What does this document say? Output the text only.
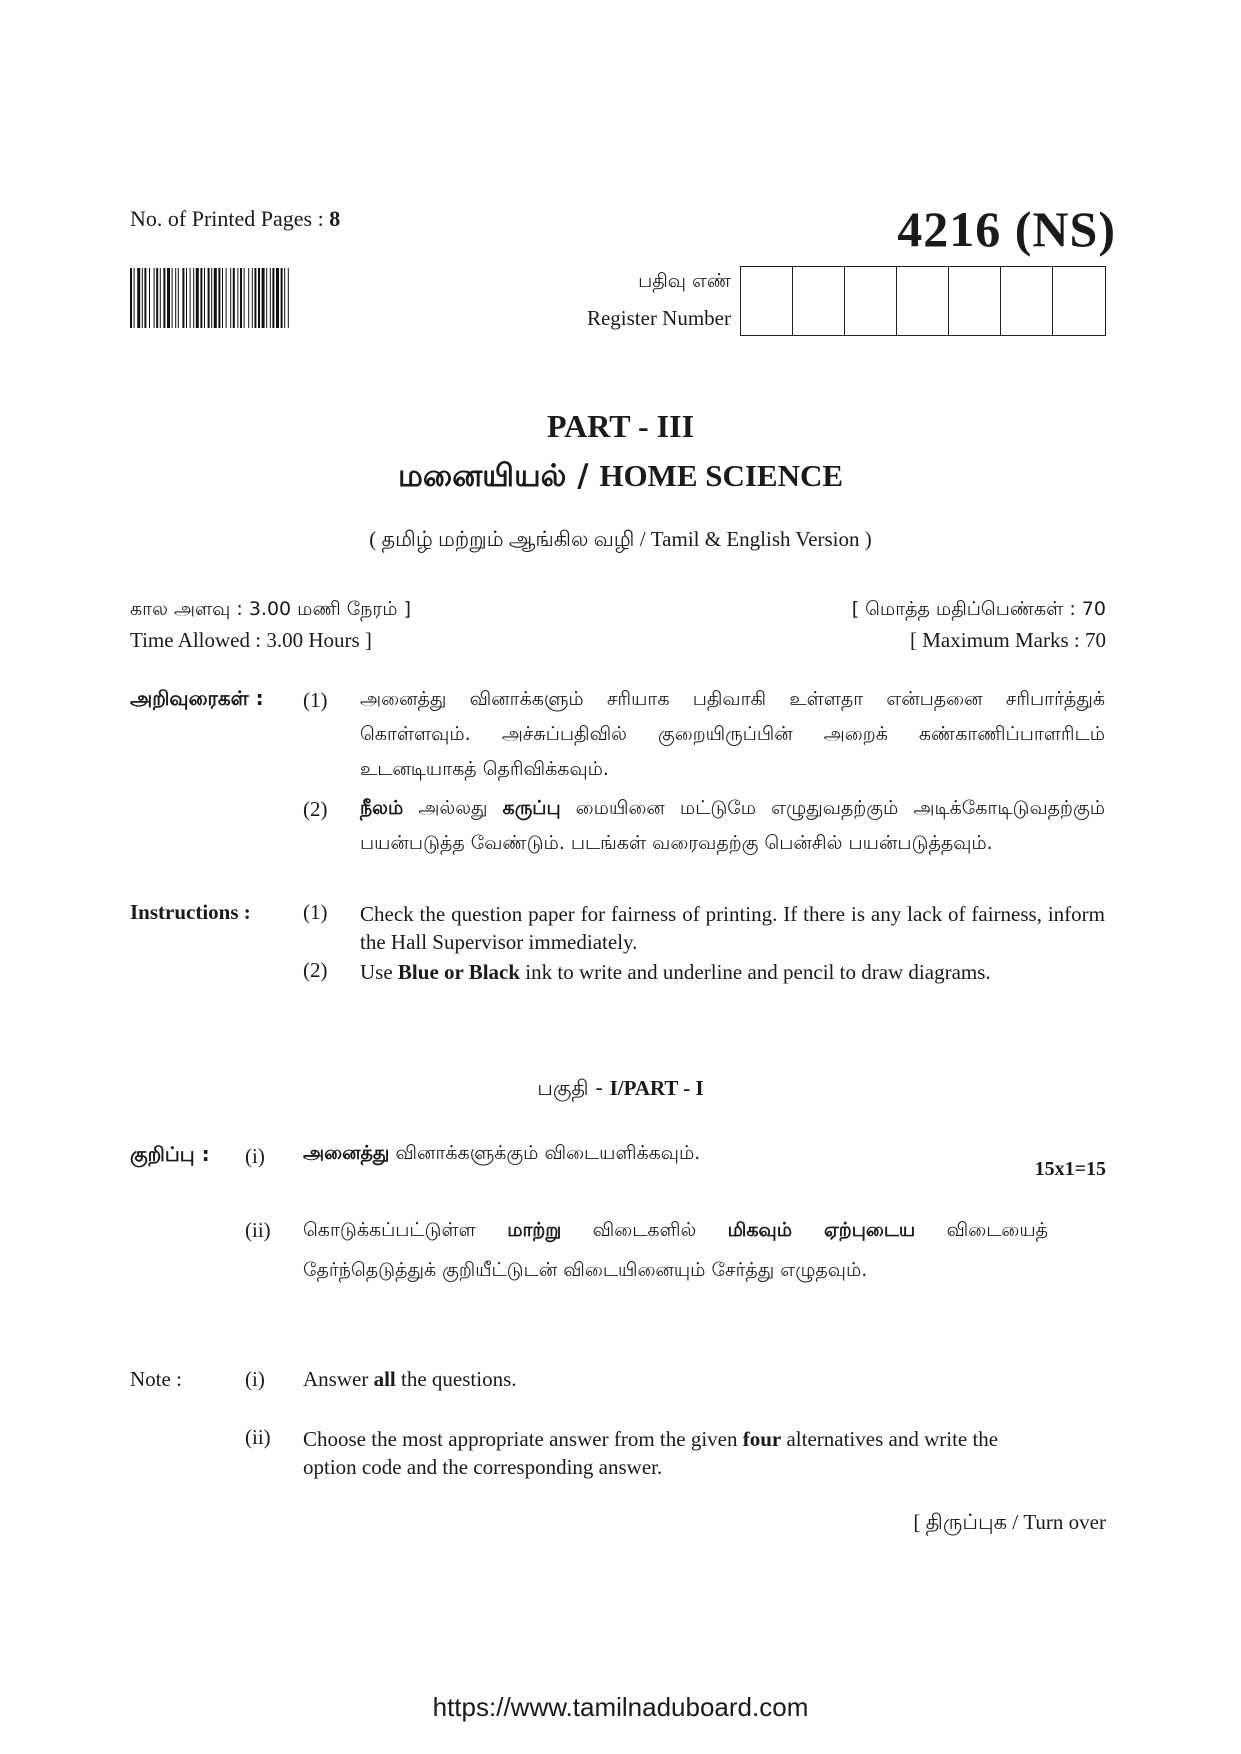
No. of Printed Pages : 8	4216 (NS)
பதிவு எண்
Register Number
PART - III
மனையியல் / HOME SCIENCE
( தமிழ் மற்றும் ஆங்கில வழி / Tamil & English Version )
கால அளவு : 3.00 மணி நேரம் ]
Time Allowed : 3.00 Hours ]
[ மொத்த மதிப்பெண்கள் : 70
[ Maximum Marks : 70
அறிவுரைகள் : (1) அனைத்து வினாக்களும் சரியாக பதிவாகி உள்ளதா என்பதனை சரிபார்த்துக் கொள்ளவும். அச்சுப்பதிவில் குறையிருப்பின் அறைக் கண்காணிப்பாளரிடம் உடனடியாகத் தெரிவிக்கவும்.
(2) நீலம் அல்லது கருப்பு மையினை மட்டுமே எழுதுவதற்கும் அடிக்கோடிடுவதற்கும் பயன்படுத்த வேண்டும். படங்கள் வரைவதற்கு பென்சில் பயன்படுத்தவும்.
Instructions : (1) Check the question paper for fairness of printing. If there is any lack of fairness, inform the Hall Supervisor immediately.
(2) Use Blue or Black ink to write and underline and pencil to draw diagrams.
பகுதி - I/PART - I
குறிப்பு : (i) அனைத்து வினாக்களுக்கும் விடையளிக்கவும்.
15x1=15
(ii) கொடுக்கப்பட்டுள்ள மாற்று விடைகளில் மிகவும் ஏற்புடைய விடையைத் தேர்ந்தெடுத்துக் குறியீட்டுடன் விடையினையும் சேர்த்து எழுதவும்.
Note :	(i) Answer all the questions.
(ii) Choose the most appropriate answer from the given four alternatives and write the option code and the corresponding answer.
[ திருப்புக / Turn over
https://www.tamilnaduboard.com
